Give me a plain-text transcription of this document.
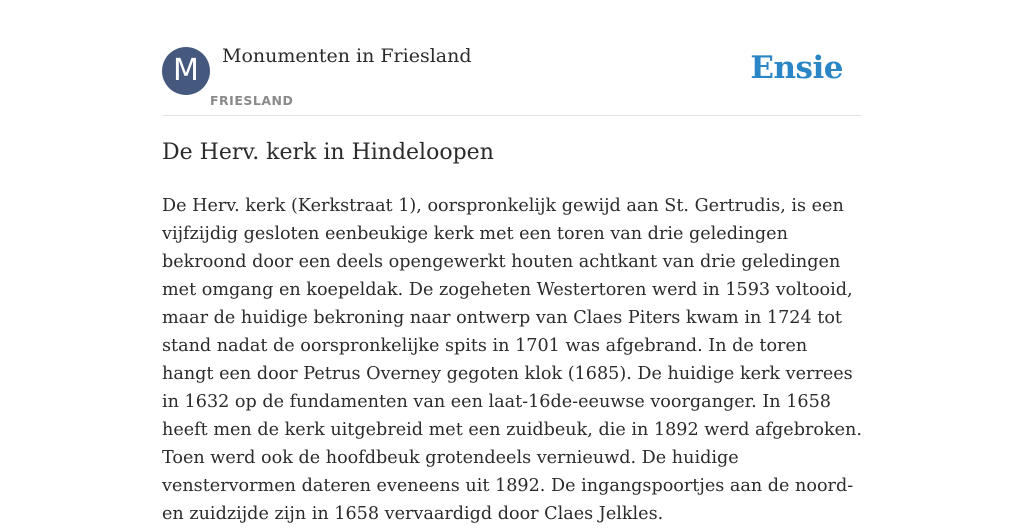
M	Monumenten in Friesland
FRIESLAND
Ensie
De Herv. kerk in Hindeloopen

De Herv. kerk (Kerkstraat 1), oorspronkelijk gewijd aan St. Gertrudis, is een vijfzijdig gesloten eenbeukige kerk met een toren van drie geledingen bekroond door een deels opengewerkt houten achtkant van drie geledingen met omgang en koepeldak. De zogeheten Westertoren werd in 1593 voltooid, maar de huidige bekroning naar ontwerp van Claes Piters kwam in 1724 tot stand nadat de oorspronkelijke spits in 1701 was afgebrand. In de toren hangt een door Petrus Overney gegoten klok (1685). De huidige kerk verrees in 1632 op de fundamenten van een laat-16de-eeuwse voorganger. In 1658 heeft men de kerk uitgebreid met een zuidbeuk, die in 1892 werd afgebroken. Toen werd ook de hoofdbeuk grotendeels vernieuwd. De huidige venstervormen dateren eveneens uit 1892. De ingangspoortjes aan de noord- en zuidzijde zijn in 1658 vervaardigd door Claes Jelkles.
